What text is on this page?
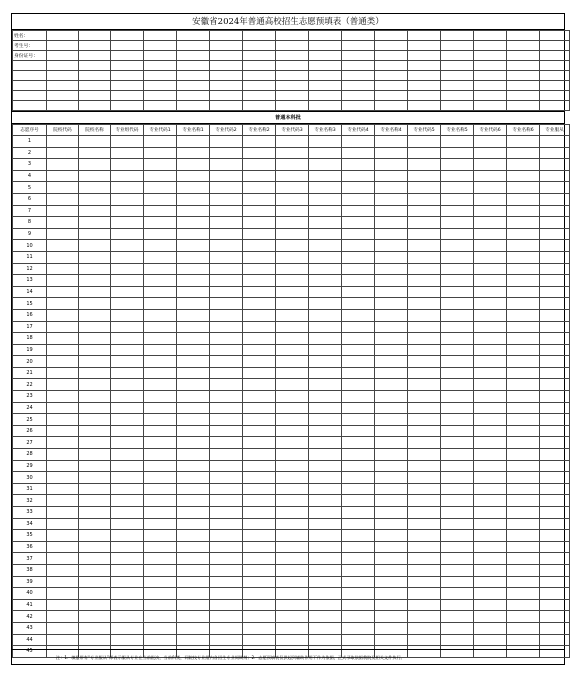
安徽省2024年普通高校招生志愿预填表（普通类）
姓名：																
考生号：																
身份证号：																

普通本科批
志愿序号	院校代码	院校名称	专业组代码	专业代码1	专业名称1	专业代码2	专业名称2	专业代码3	专业名称3	专业代码4	专业名称4	专业代码5	专业名称5	专业代码6	专业名称6	专业服从
1																
2																
3																
4																
5																
6																
7																
8																
9																
10																
11																
12																
13																
14																
15																
16																
17																
18																
19																
20																
21																
22																
23																
24																
25																
26																
27																
28																
29																
30																
31																
32																
33																
34																
35																
36																
37																
38																
39																
40																
41																
42																
43																
44																
45																
注：1．填报带有“专业服从”即表示服从专业在当前批次，当前科类，同院校专业组内各招生专业间调剂；2．志愿预填表仅供起到辅助作用不作为依据，正式录取依据我院及相关文件执行。
